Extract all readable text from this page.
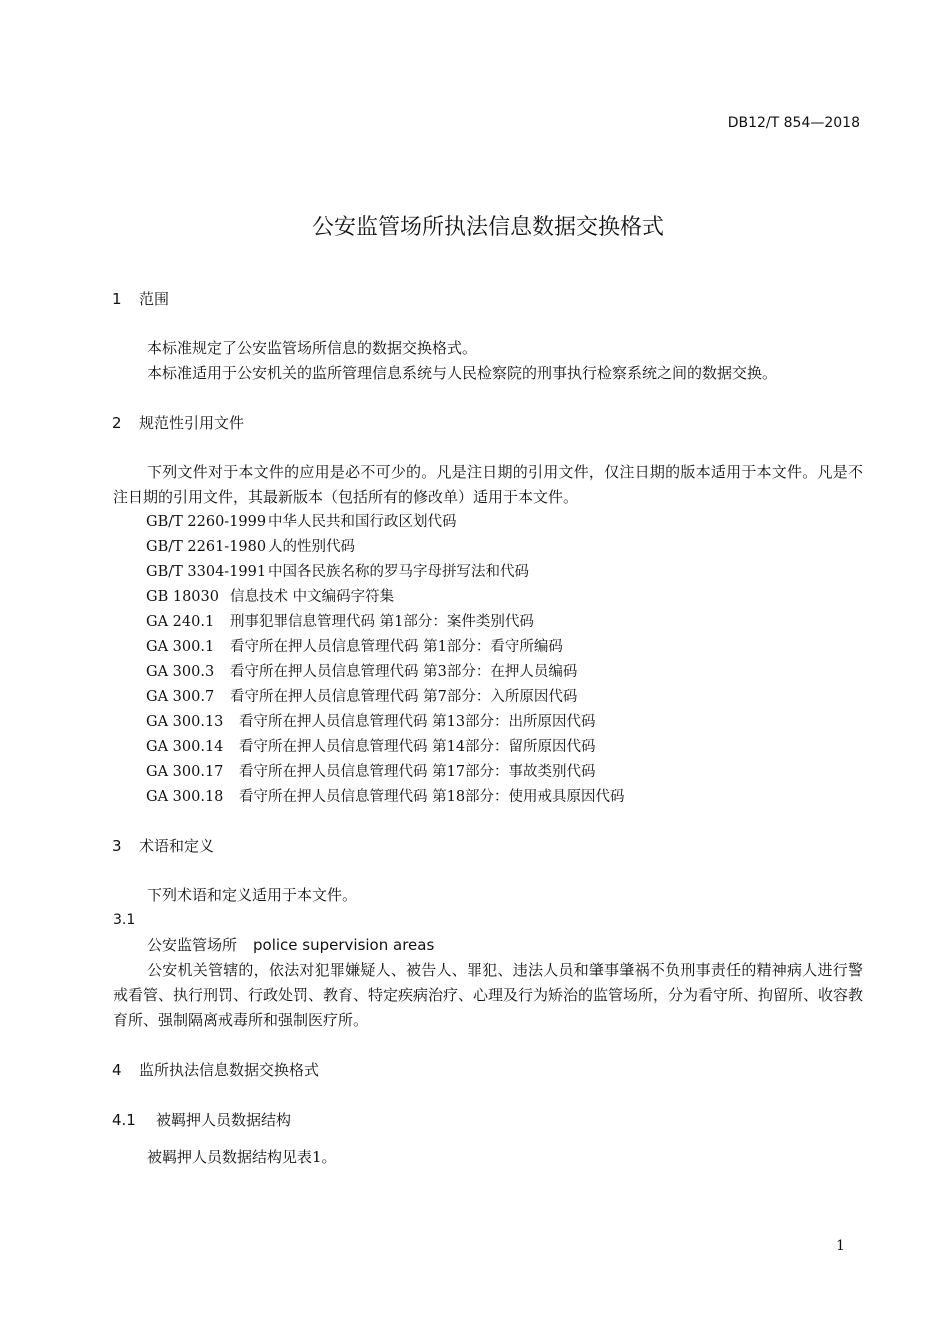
DB12/T 854—2018
公安监管场所执法信息数据交换格式
1 范围
本标准规定了公安监管场所信息的数据交换格式。
本标准适用于公安机关的监所管理信息系统与人民检察院的刑事执行检察系统之间的数据交换。
2 规范性引用文件
下列文件对于本文件的应用是必不可少的。凡是注日期的引用文件，仅注日期的版本适用于本文件。凡是不注日期的引用文件，其最新版本（包括所有的修改单）适用于本文件。
GB/T 2260-1999 中华人民共和国行政区划代码
GB/T 2261-1980 人的性别代码
GB/T 3304-1991 中国各民族名称的罗马字母拼写法和代码
GB 18030 信息技术 中文编码字符集
GA 240.1 刑事犯罪信息管理代码 第1部分：案件类别代码
GA 300.1 看守所在押人员信息管理代码 第1部分：看守所编码
GA 300.3 看守所在押人员信息管理代码 第3部分：在押人员编码
GA 300.7 看守所在押人员信息管理代码 第7部分：入所原因代码
GA 300.13 看守所在押人员信息管理代码 第13部分：出所原因代码
GA 300.14 看守所在押人员信息管理代码 第14部分：留所原因代码
GA 300.17 看守所在押人员信息管理代码 第17部分：事故类别代码
GA 300.18 看守所在押人员信息管理代码 第18部分：使用戒具原因代码
3 术语和定义
下列术语和定义适用于本文件。
3.1
公安监管场所 police supervision areas
公安机关管辖的，依法对犯罪嫌疑人、被告人、罪犯、违法人员和肇事肇祸不负刑事责任的精神病人进行警戒看管、执行刑罚、行政处罚、教育、特定疾病治疗、心理及行为矫治的监管场所，分为看守所、拘留所、收容教育所、强制隔离戒毒所和强制医疗所。
4 监所执法信息数据交换格式
4.1 被羁押人员数据结构
被羁押人员数据结构见表1。
1
